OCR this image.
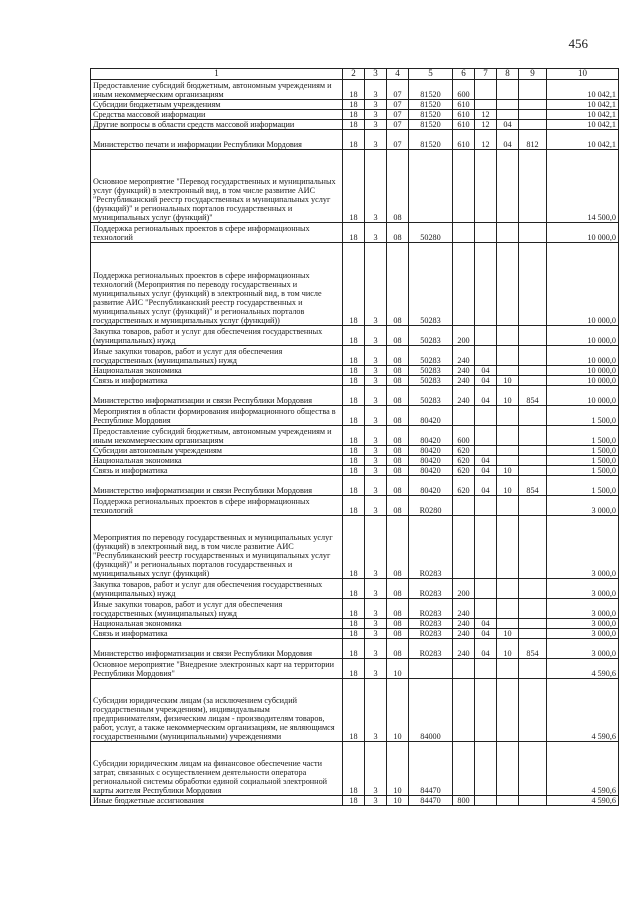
456
1	2	3	4	5	6	7	8	9	10
Предоставление субсидий бюджетным, автономным учреждениям и иным некоммерческим организациям	18	3	07	81520	600				10 042,1
Субсидии бюджетным учреждениям	18	3	07	81520	610				10 042,1
Средства массовой информации	18	3	07	81520	610	12			10 042,1
Другие вопросы в области средств массовой информации	18	3	07	81520	610	12	04		10 042,1
Министерство печати и информации Республики Мордовия	18	3	07	81520	610	12	04	812	10 042,1
Основное мероприятие "Перевод государственных и муниципальных услуг (функций) в электронный вид, в том числе развитие АИС "Республиканский реестр государственных и муниципальных услуг (функций)" и региональных порталов государственных и муниципальных услуг (функций)"	18	3	08						14 500,0
Поддержка региональных проектов в сфере информационных технологий	18	3	08	50280					10 000,0
Поддержка региональных проектов в сфере информационных технологий (Мероприятия по переводу государственных и муниципальных услуг (функций) в электронный вид, в том числе развитие АИС "Республиканский реестр государственных и муниципальных услуг (функций)" и региональных порталов государственных и муниципальных услуг (функций))	18	3	08	50283					10 000,0
Закупка товаров, работ и услуг для обеспечения государственных (муниципальных) нужд	18	3	08	50283	200				10 000,0
Иные закупки товаров, работ и услуг для обеспечения государственных (муниципальных) нужд	18	3	08	50283	240				10 000,0
Национальная экономика	18	3	08	50283	240	04			10 000,0
Связь и информатика	18	3	08	50283	240	04	10		10 000,0
Министерство информатизации и связи Республики Мордовия	18	3	08	50283	240	04	10	854	10 000,0
Мероприятия в области формирования информационного общества в Республике Мордовия	18	3	08	80420					1 500,0
Предоставление субсидий бюджетным, автономным учреждениям и иным некоммерческим организациям	18	3	08	80420	600				1 500,0
Субсидии автономным учреждениям	18	3	08	80420	620				1 500,0
Национальная экономика	18	3	08	80420	620	04			1 500,0
Связь и информатика	18	3	08	80420	620	04	10		1 500,0
Министерство информатизации и связи Республики Мордовия	18	3	08	80420	620	04	10	854	1 500,0
Поддержка региональных проектов в сфере информационных технологий	18	3	08	R0280					3 000,0
Мероприятия по переводу государственных и муниципальных услуг (функций) в электронный вид, в том числе развитие АИС "Республиканский реестр государственных и муниципальных услуг (функций)" и региональных порталов государственных и муниципальных услуг (функций)	18	3	08	R0283					3 000,0
Закупка товаров, работ и услуг для обеспечения государственных (муниципальных) нужд	18	3	08	R0283	200				3 000,0
Иные закупки товаров, работ и услуг для обеспечения государственных (муниципальных) нужд	18	3	08	R0283	240				3 000,0
Национальная экономика	18	3	08	R0283	240	04			3 000,0
Связь и информатика	18	3	08	R0283	240	04	10		3 000,0
Министерство информатизации и связи Республики Мордовия	18	3	08	R0283	240	04	10	854	3 000,0
Основное мероприятие "Внедрение электронных карт на территории Республики Мордовия"	18	3	10						4 590,6
Субсидии юридическим лицам (за исключением субсидий государственным учреждениям), индивидуальным предпринимателям, физическим лицам - производителям товаров, работ, услуг, а также некоммерческим организациям, не являющимся государственными (муниципальными) учреждениями	18	3	10	84000					4 590,6
Субсидии юридическим лицам на финансовое обеспечение части затрат, связанных с осуществлением деятельности оператора региональной системы обработки единой социальной электронной карты жителя Республики Мордовия	18	3	10	84470					4 590,6
Иные бюджетные ассигнования	18	3	10	84470	800				4 590,6
